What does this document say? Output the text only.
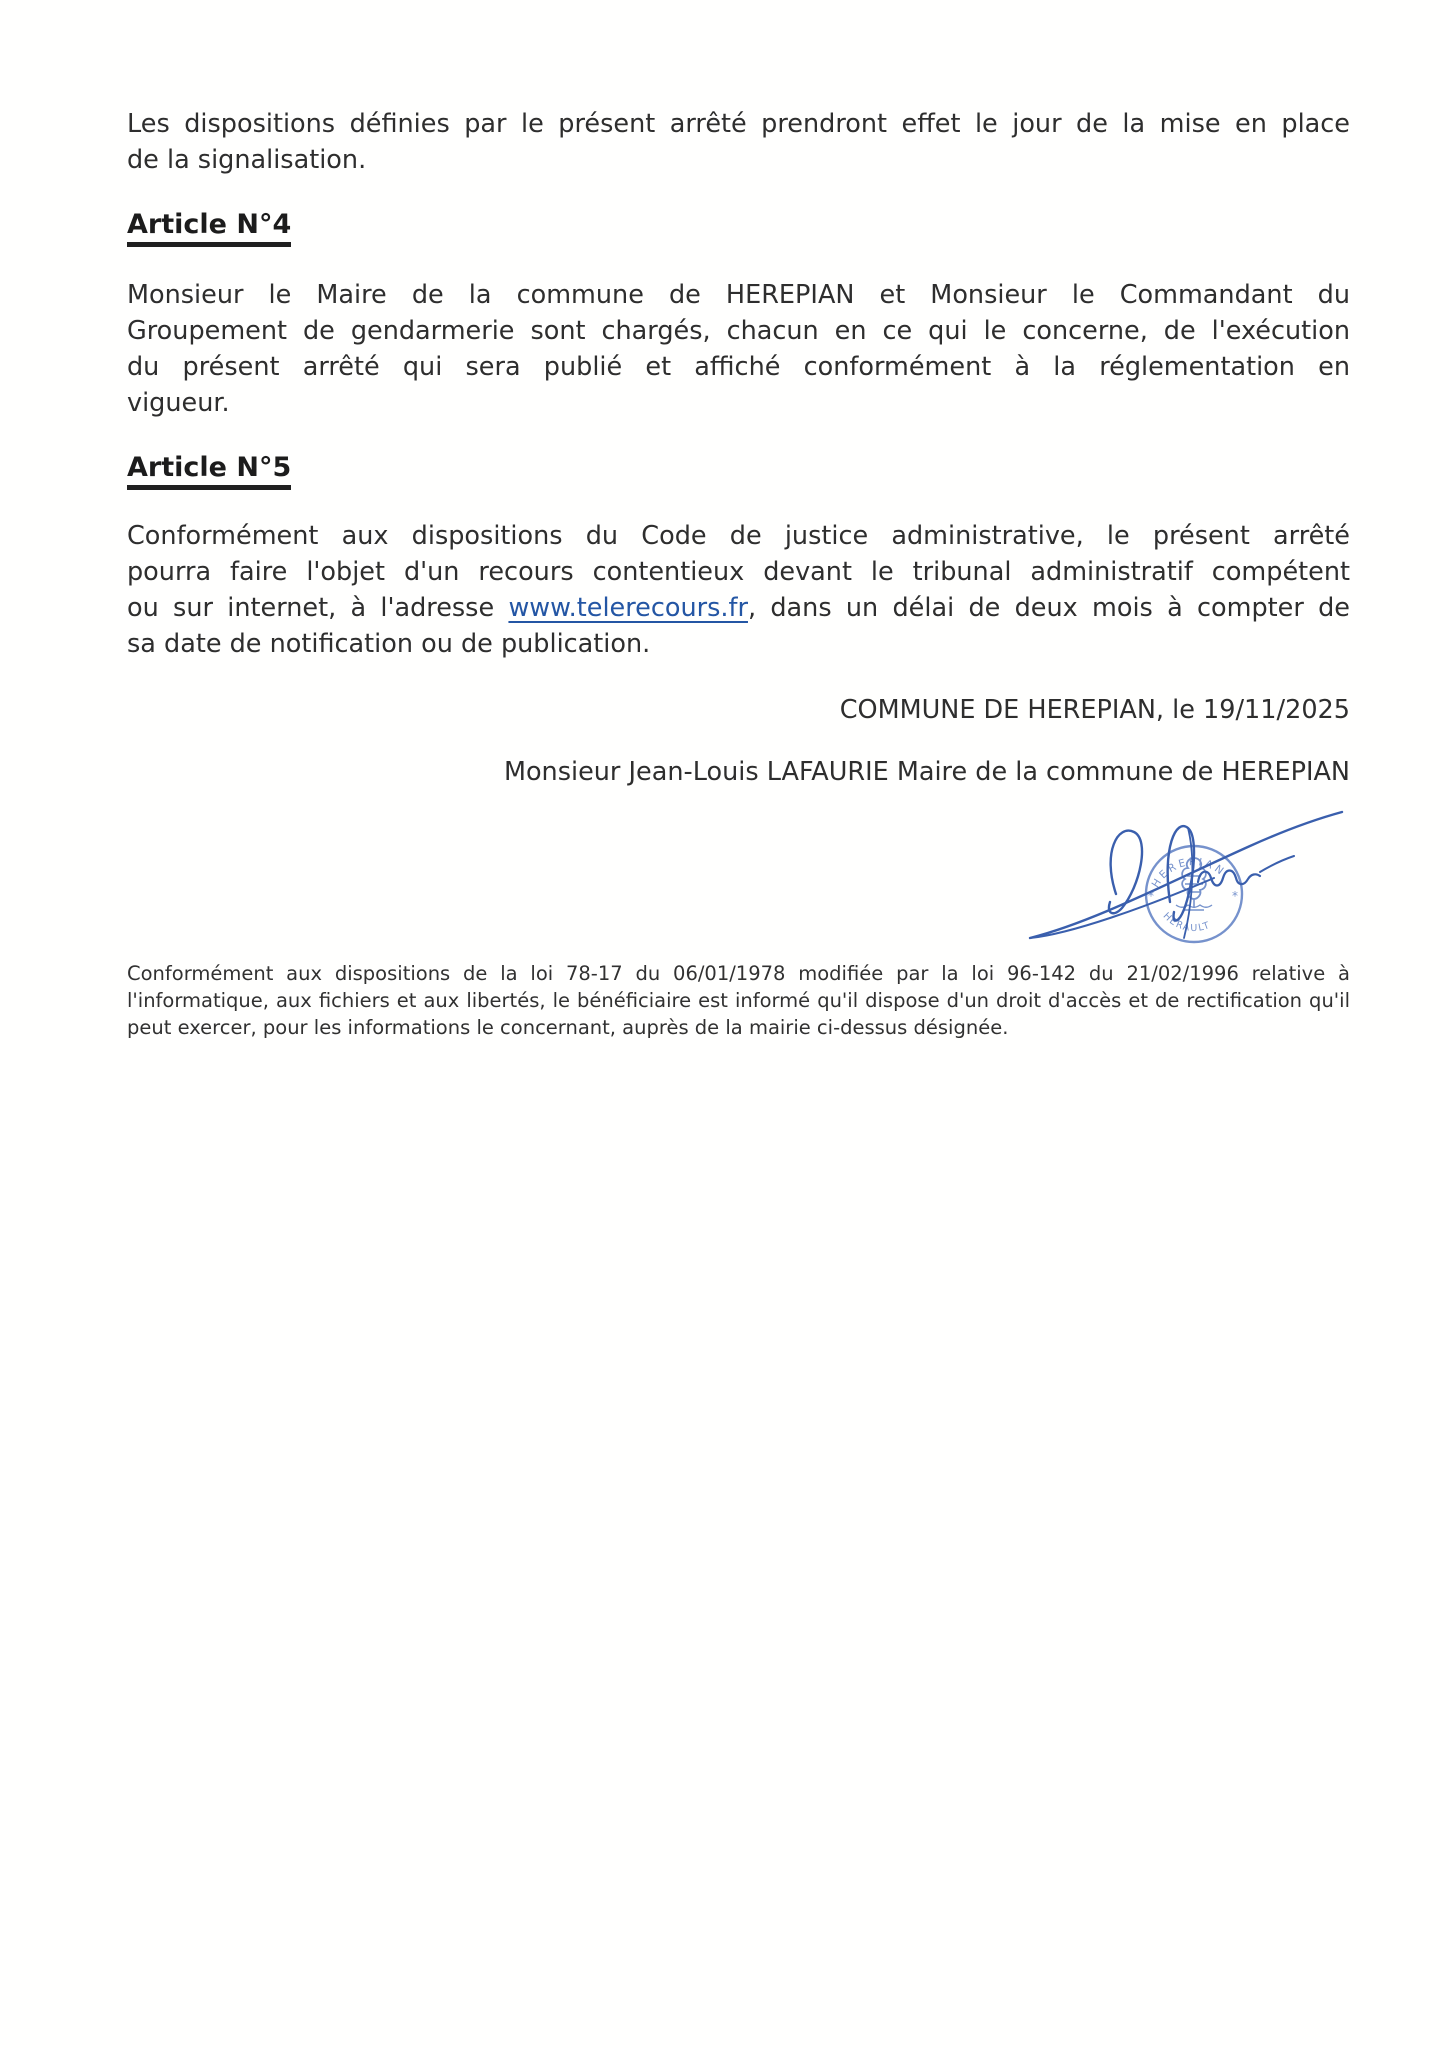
Les dispositions définies par le présent arrêté prendront effet le jour de la mise en place
de la signalisation.
Article N°4
Monsieur le Maire de la commune de HEREPIAN et Monsieur le Commandant du
Groupement de gendarmerie sont chargés, chacun en ce qui le concerne, de l'exécution
du présent arrêté qui sera publié et affiché conformément à la réglementation en
vigueur.
Article N°5
Conformément aux dispositions du Code de justice administrative, le présent arrêté
pourra faire l'objet d'un recours contentieux devant le tribunal administratif compétent
ou sur internet, à l'adresse www.telerecours.fr, dans un délai de deux mois à compter de
sa date de notification ou de publication.
COMMUNE DE HEREPIAN, le 19/11/2025
Monsieur Jean-Louis LAFAURIE Maire de la commune de HEREPIAN
HEREPIAN
HERAULT
*	*
Conformément aux dispositions de la loi 78-17 du 06/01/1978 modifiée par la loi 96-142 du 21/02/1996 relative à
l'informatique, aux fichiers et aux libertés, le bénéficiaire est informé qu'il dispose d'un droit d'accès et de rectification qu'il
peut exercer, pour les informations le concernant, auprès de la mairie ci-dessus désignée.
